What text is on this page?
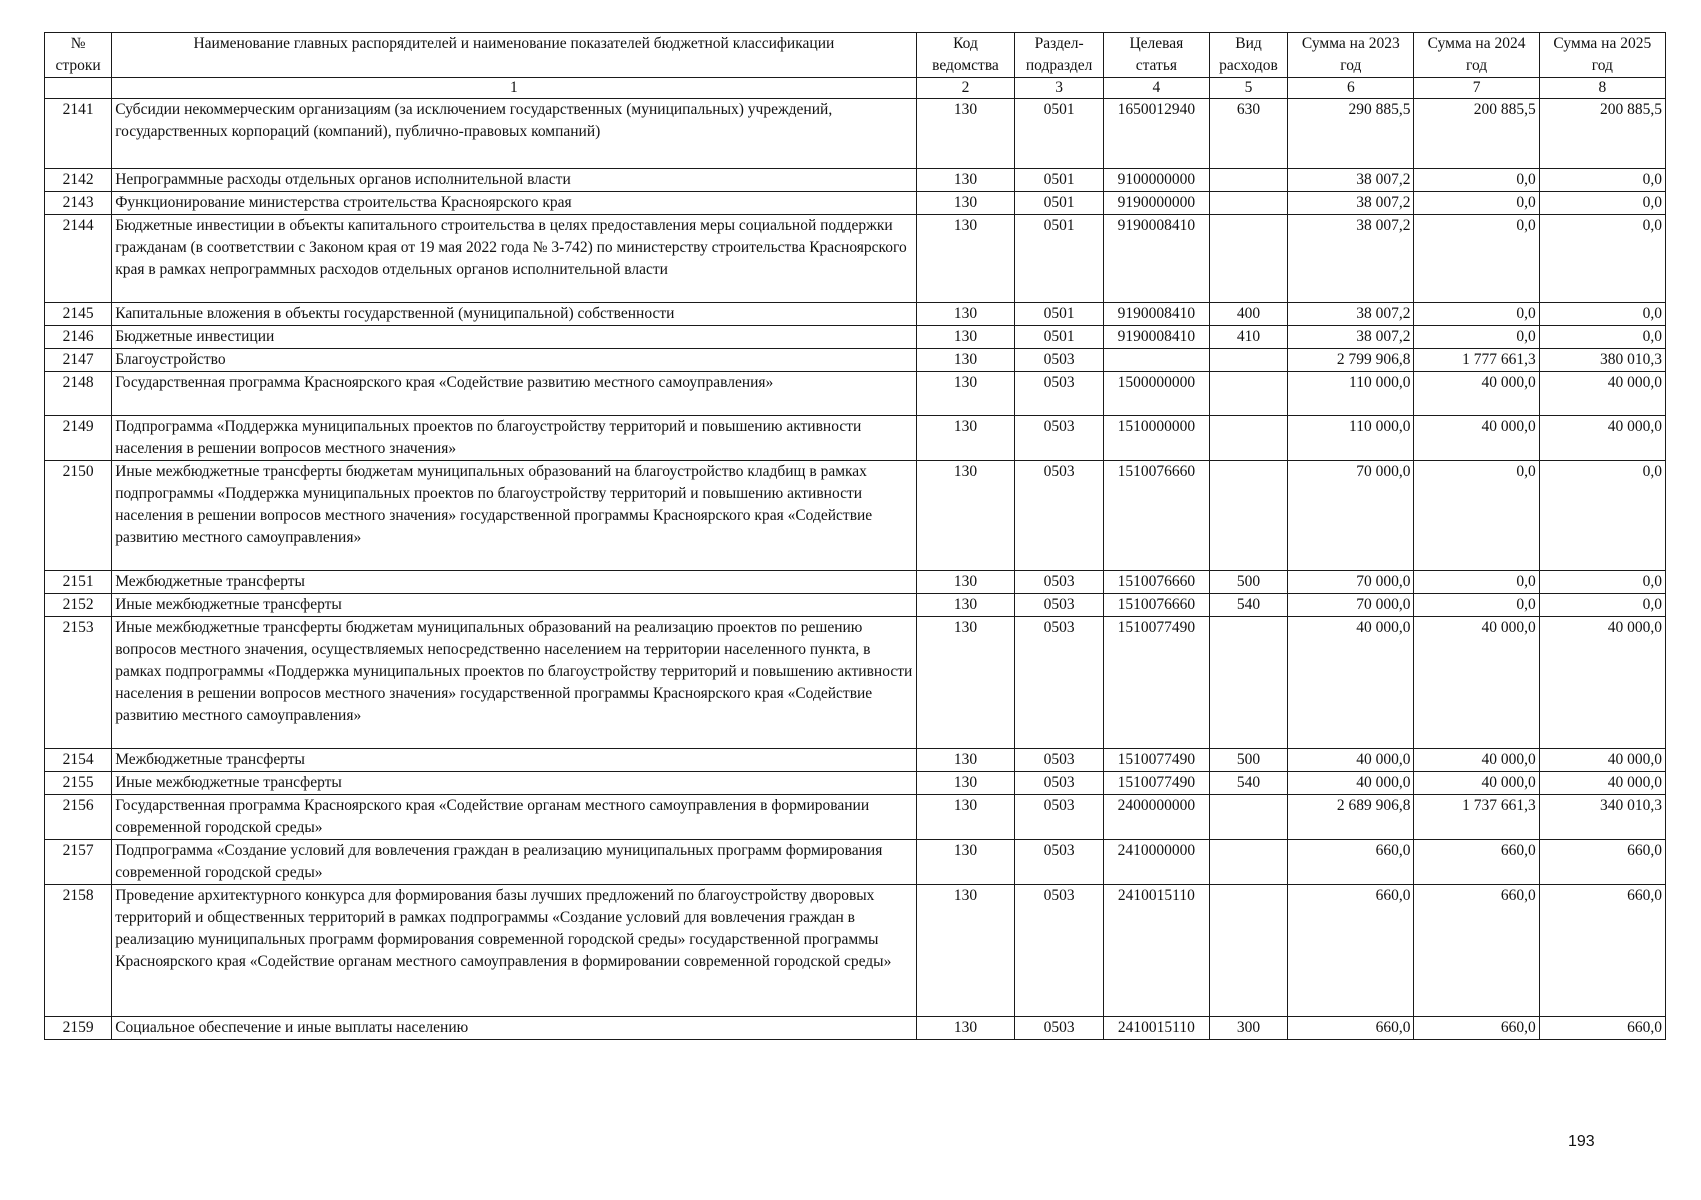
№ строки	Наименование главных распорядителей и наименование показателей бюджетной классификации	Код ведомства	Раздел-подраздел	Целевая статья	Вид расходов	Сумма на 2023 год	Сумма на 2024 год	Сумма на 2025 год
	1	2	3	4	5	6	7	8
2141	Субсидии некоммерческим организациям (за исключением государственных (муниципальных) учреждений, государственных корпораций (компаний), публично-правовых компаний)	130	0501	1650012940	630	290 885,5	200 885,5	200 885,5
2142	Непрограммные расходы отдельных органов исполнительной власти	130	0501	9100000000		38 007,2	0,0	0,0
2143	Функционирование министерства строительства Красноярского края	130	0501	9190000000		38 007,2	0,0	0,0
2144	Бюджетные инвестиции в объекты капитального строительства в целях предоставления меры социальной поддержки гражданам (в соответствии с Законом края от 19 мая 2022 года № 3-742) по министерству строительства Красноярского края в рамках непрограммных расходов отдельных органов исполнительной власти	130	0501	9190008410		38 007,2	0,0	0,0
2145	Капитальные вложения в объекты государственной (муниципальной) собственности	130	0501	9190008410	400	38 007,2	0,0	0,0
2146	Бюджетные инвестиции	130	0501	9190008410	410	38 007,2	0,0	0,0
2147	Благоустройство	130	0503			2 799 906,8	1 777 661,3	380 010,3
2148	Государственная программа Красноярского края «Содействие развитию местного самоуправления»	130	0503	1500000000		110 000,0	40 000,0	40 000,0
2149	Подпрограмма «Поддержка муниципальных проектов по благоустройству территорий и повышению активности населения в решении вопросов местного значения»	130	0503	1510000000		110 000,0	40 000,0	40 000,0
2150	Иные межбюджетные трансферты бюджетам муниципальных образований на благоустройство кладбищ в рамках подпрограммы «Поддержка муниципальных проектов по благоустройству территорий и повышению активности населения в решении вопросов местного значения» государственной программы Красноярского края «Содействие развитию местного самоуправления»	130	0503	1510076660		70 000,0	0,0	0,0
2151	Межбюджетные трансферты	130	0503	1510076660	500	70 000,0	0,0	0,0
2152	Иные межбюджетные трансферты	130	0503	1510076660	540	70 000,0	0,0	0,0
2153	Иные межбюджетные трансферты бюджетам муниципальных образований на реализацию проектов по решению вопросов местного значения, осуществляемых непосредственно населением на территории населенного пункта, в рамках подпрограммы «Поддержка муниципальных проектов по благоустройству территорий и повышению активности населения в решении вопросов местного значения» государственной программы Красноярского края «Содействие развитию местного самоуправления»	130	0503	1510077490		40 000,0	40 000,0	40 000,0
2154	Межбюджетные трансферты	130	0503	1510077490	500	40 000,0	40 000,0	40 000,0
2155	Иные межбюджетные трансферты	130	0503	1510077490	540	40 000,0	40 000,0	40 000,0
2156	Государственная программа Красноярского края «Содействие органам местного самоуправления в формировании современной городской среды»	130	0503	2400000000		2 689 906,8	1 737 661,3	340 010,3
2157	Подпрограмма «Создание условий для вовлечения граждан в реализацию муниципальных программ формирования современной городской среды»	130	0503	2410000000		660,0	660,0	660,0
2158	Проведение архитектурного конкурса для формирования базы лучших предложений по благоустройству дворовых территорий и общественных территорий в рамках подпрограммы «Создание условий для вовлечения граждан в реализацию муниципальных программ формирования современной городской среды» государственной программы Красноярского края «Содействие органам местного самоуправления в формировании современной городской среды»	130	0503	2410015110		660,0	660,0	660,0
2159	Социальное обеспечение и иные выплаты населению	130	0503	2410015110	300	660,0	660,0	660,0
193
